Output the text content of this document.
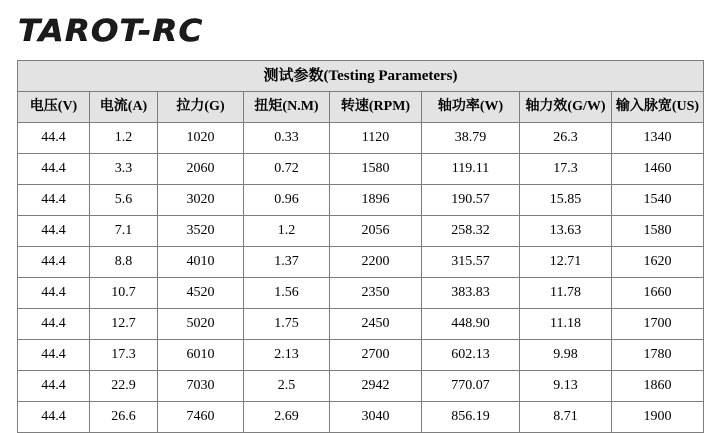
TAROT-RC
测试参数(Testing Parameters)							
电压(V)	电流(A)	拉力(G)	扭矩(N.M)	转速(RPM)	轴功率(W)	轴力效(G/W)	输入脉宽(US)
44.4	1.2	1020	0.33	1120	38.79	26.3	1340
44.4	3.3	2060	0.72	1580	119.11	17.3	1460
44.4	5.6	3020	0.96	1896	190.57	15.85	1540
44.4	7.1	3520	1.2	2056	258.32	13.63	1580
44.4	8.8	4010	1.37	2200	315.57	12.71	1620
44.4	10.7	4520	1.56	2350	383.83	11.78	1660
44.4	12.7	5020	1.75	2450	448.90	11.18	1700
44.4	17.3	6010	2.13	2700	602.13	9.98	1780
44.4	22.9	7030	2.5	2942	770.07	9.13	1860
44.4	26.6	7460	2.69	3040	856.19	8.71	1900
